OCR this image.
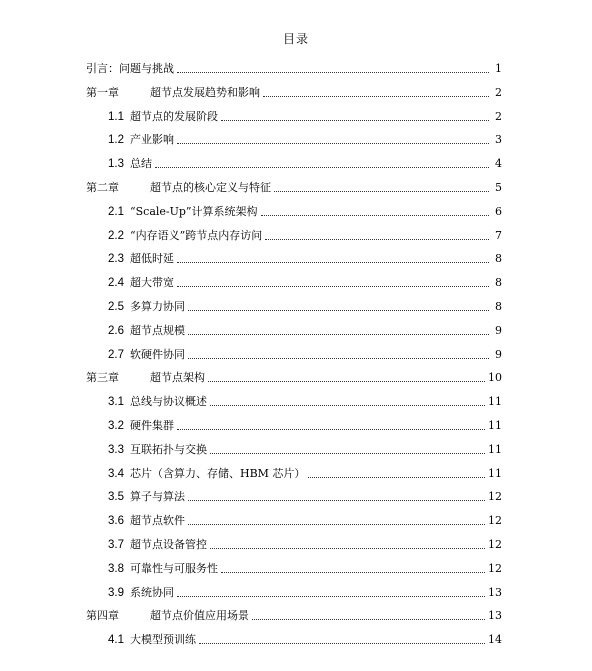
目录
引言：问题与挑战	1
第一章	超节点发展趋势和影响	2
1.1 超节点的发展阶段	2
1.2 产业影响	3
1.3 总结	4
第二章	超节点的核心定义与特征	5
2.1 “Scale-Up”计算系统架构	6
2.2 “内存语义”跨节点内存访问	7
2.3 超低时延	8
2.4 超大带宽	8
2.5 多算力协同	8
2.6 超节点规模	9
2.7 软硬件协同	9
第三章	超节点架构	10
3.1 总线与协议概述	11
3.2 硬件集群	11
3.3 互联拓扑与交换	11
3.4 芯片（含算力、存储、HBM 芯片）	11
3.5 算子与算法	12
3.6 超节点软件	12
3.7 超节点设备管控	12
3.8 可靠性与可服务性	12
3.9 系统协同	13
第四章	超节点价值应用场景	13
4.1 大模型预训练	14
